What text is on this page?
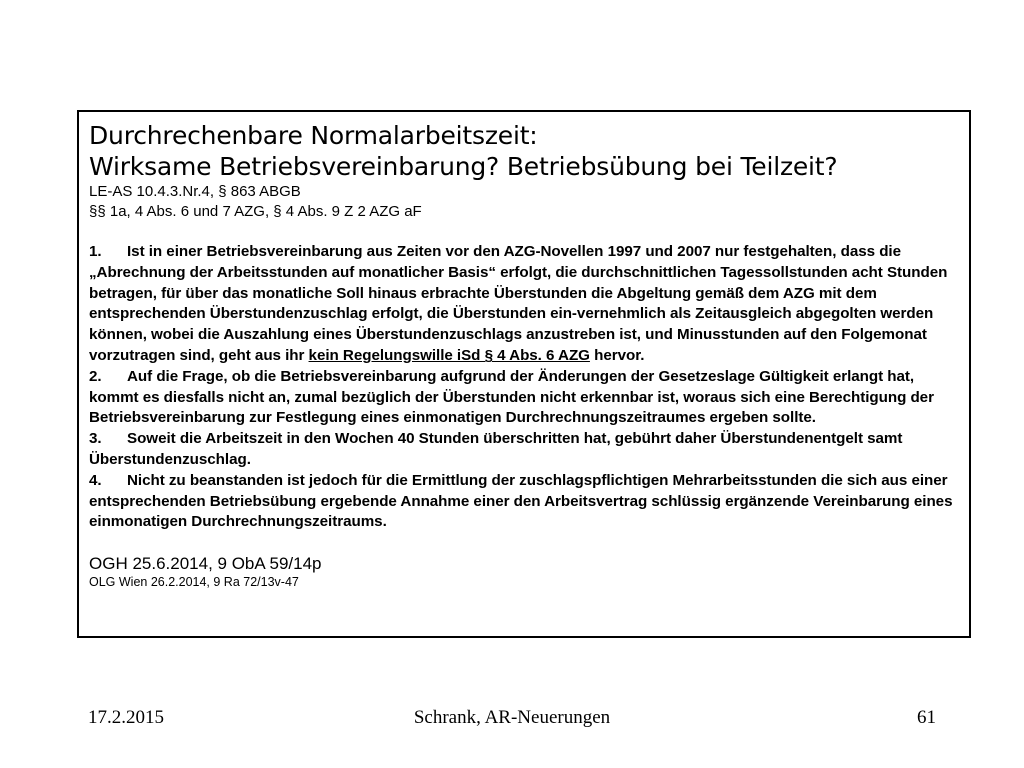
Durchrechenbare Normalarbeitszeit:
Wirksame Betriebsvereinbarung? Betriebsübung bei Teilzeit?
LE-AS 10.4.3.Nr.4, § 863 ABGB
§§ 1a, 4 Abs. 6 und 7 AZG, § 4 Abs. 9 Z 2 AZG aF
1. Ist in einer Betriebsvereinbarung aus Zeiten vor den AZG-Novellen 1997 und 2007 nur festgehalten, dass die „Abrechnung der Arbeitsstunden auf monatlicher Basis“ erfolgt, die durchschnittlichen Tagessollstunden acht Stunden betragen, für über das monatliche Soll hinaus erbrachte Überstunden die Abgeltung gemäß dem AZG mit dem entsprechenden Überstundenzuschlag erfolgt, die Überstunden ein-vernehmlich als Zeitausgleich abgegolten werden können, wobei die Auszahlung eines Überstundenzuschlags anzustreben ist, und Minusstunden auf den Folgemonat vorzutragen sind, geht aus ihr kein Regelungswille iSd § 4 Abs. 6 AZG hervor.
2. Auf die Frage, ob die Betriebsvereinbarung aufgrund der Änderungen der Gesetzeslage Gültigkeit erlangt hat, kommt es diesfalls nicht an, zumal bezüglich der Überstunden nicht erkennbar ist, woraus sich eine Berechtigung der Betriebsvereinbarung zur Festlegung eines einmonatigen Durchrechnungszeitraumes ergeben sollte.
3. Soweit die Arbeitszeit in den Wochen 40 Stunden überschritten hat, gebührt daher Überstundenentgelt samt Überstundenzuschlag.
4. Nicht zu beanstanden ist jedoch für die Ermittlung der zuschlagspflichtigen Mehrarbeitsstunden die sich aus einer entsprechenden Betriebsübung ergebende Annahme einer den Arbeitsvertrag schlüssig ergänzende Vereinbarung eines einmonatigen Durchrechnungszeitraums.
OGH 25.6.2014, 9 ObA 59/14p
OLG Wien 26.2.2014, 9 Ra 72/13v-47
17.2.2015	Schrank, AR-Neuerungen	61
